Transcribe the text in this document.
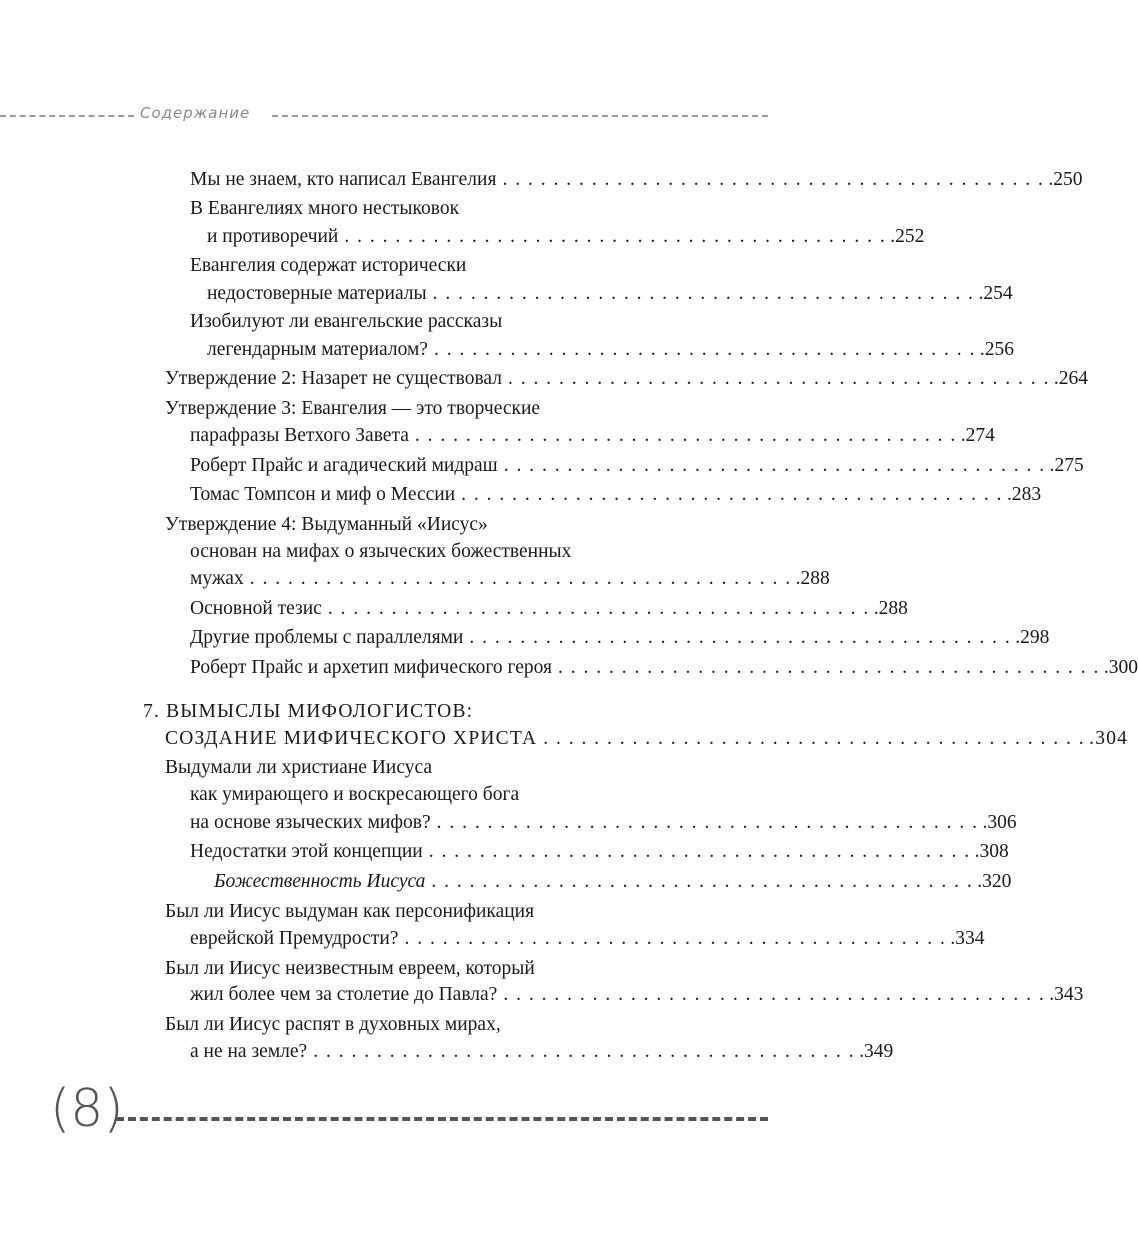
Содержание
Мы не знаем, кто написал Евангелия . . . . . . . . . . . . . . . . . . . . . . . . . . . . . . . . . . . . . . . . . . . .250
В Евангелиях много нестыковок
и противоречий . . . . . . . . . . . . . . . . . . . . . . . . . . . . . . . . . . . . . . . . . . . .252
Евангелия содержат исторически
недостоверные материалы . . . . . . . . . . . . . . . . . . . . . . . . . . . . . . . . . . . . . . . . . . . .254
Изобилуют ли евангельские рассказы
легендарным материалом? . . . . . . . . . . . . . . . . . . . . . . . . . . . . . . . . . . . . . . . . . . . .256
Утверждение 2: Назарет не существовал . . . . . . . . . . . . . . . . . . . . . . . . . . . . . . . . . . . . . . . . . . . .264
Утверждение 3: Евангелия — это творческие
парафразы Ветхого Завета . . . . . . . . . . . . . . . . . . . . . . . . . . . . . . . . . . . . . . . . . . . .274
Роберт Прайс и агадический мидраш . . . . . . . . . . . . . . . . . . . . . . . . . . . . . . . . . . . . . . . . . . . .275
Томас Томпсон и миф о Мессии . . . . . . . . . . . . . . . . . . . . . . . . . . . . . . . . . . . . . . . . . . . .283
Утверждение 4: Выдуманный «Иисус»
основан на мифах о языческих божественных
мужах . . . . . . . . . . . . . . . . . . . . . . . . . . . . . . . . . . . . . . . . . . . .288
Основной тезис . . . . . . . . . . . . . . . . . . . . . . . . . . . . . . . . . . . . . . . . . . . .288
Другие проблемы с параллелями . . . . . . . . . . . . . . . . . . . . . . . . . . . . . . . . . . . . . . . . . . . .298
Роберт Прайс и архетип мифического героя . . . . . . . . . . . . . . . . . . . . . . . . . . . . . . . . . . . . . . . . . . . .300
7. ВЫМЫСЛЫ МИФОЛОГИСТОВ:
СОЗДАНИЕ МИФИЧЕСКОГО ХРИСТА . . . . . . . . . . . . . . . . . . . . . . . . . . . . . . . . . . . . . . . . . . . .304
Выдумали ли христиане Иисуса
как умирающего и воскресающего бога
на основе языческих мифов? . . . . . . . . . . . . . . . . . . . . . . . . . . . . . . . . . . . . . . . . . . . .306
Недостатки этой концепции . . . . . . . . . . . . . . . . . . . . . . . . . . . . . . . . . . . . . . . . . . . .308
Божественность Иисуса . . . . . . . . . . . . . . . . . . . . . . . . . . . . . . . . . . . . . . . . . . . .320
Был ли Иисус выдуман как персонификация
еврейской Премудрости? . . . . . . . . . . . . . . . . . . . . . . . . . . . . . . . . . . . . . . . . . . . .334
Был ли Иисус неизвестным евреем, который
жил более чем за столетие до Павла? . . . . . . . . . . . . . . . . . . . . . . . . . . . . . . . . . . . . . . . . . . . .343
Был ли Иисус распят в духовных мирах,
а не на земле? . . . . . . . . . . . . . . . . . . . . . . . . . . . . . . . . . . . . . . . . . . . .349
(8)
